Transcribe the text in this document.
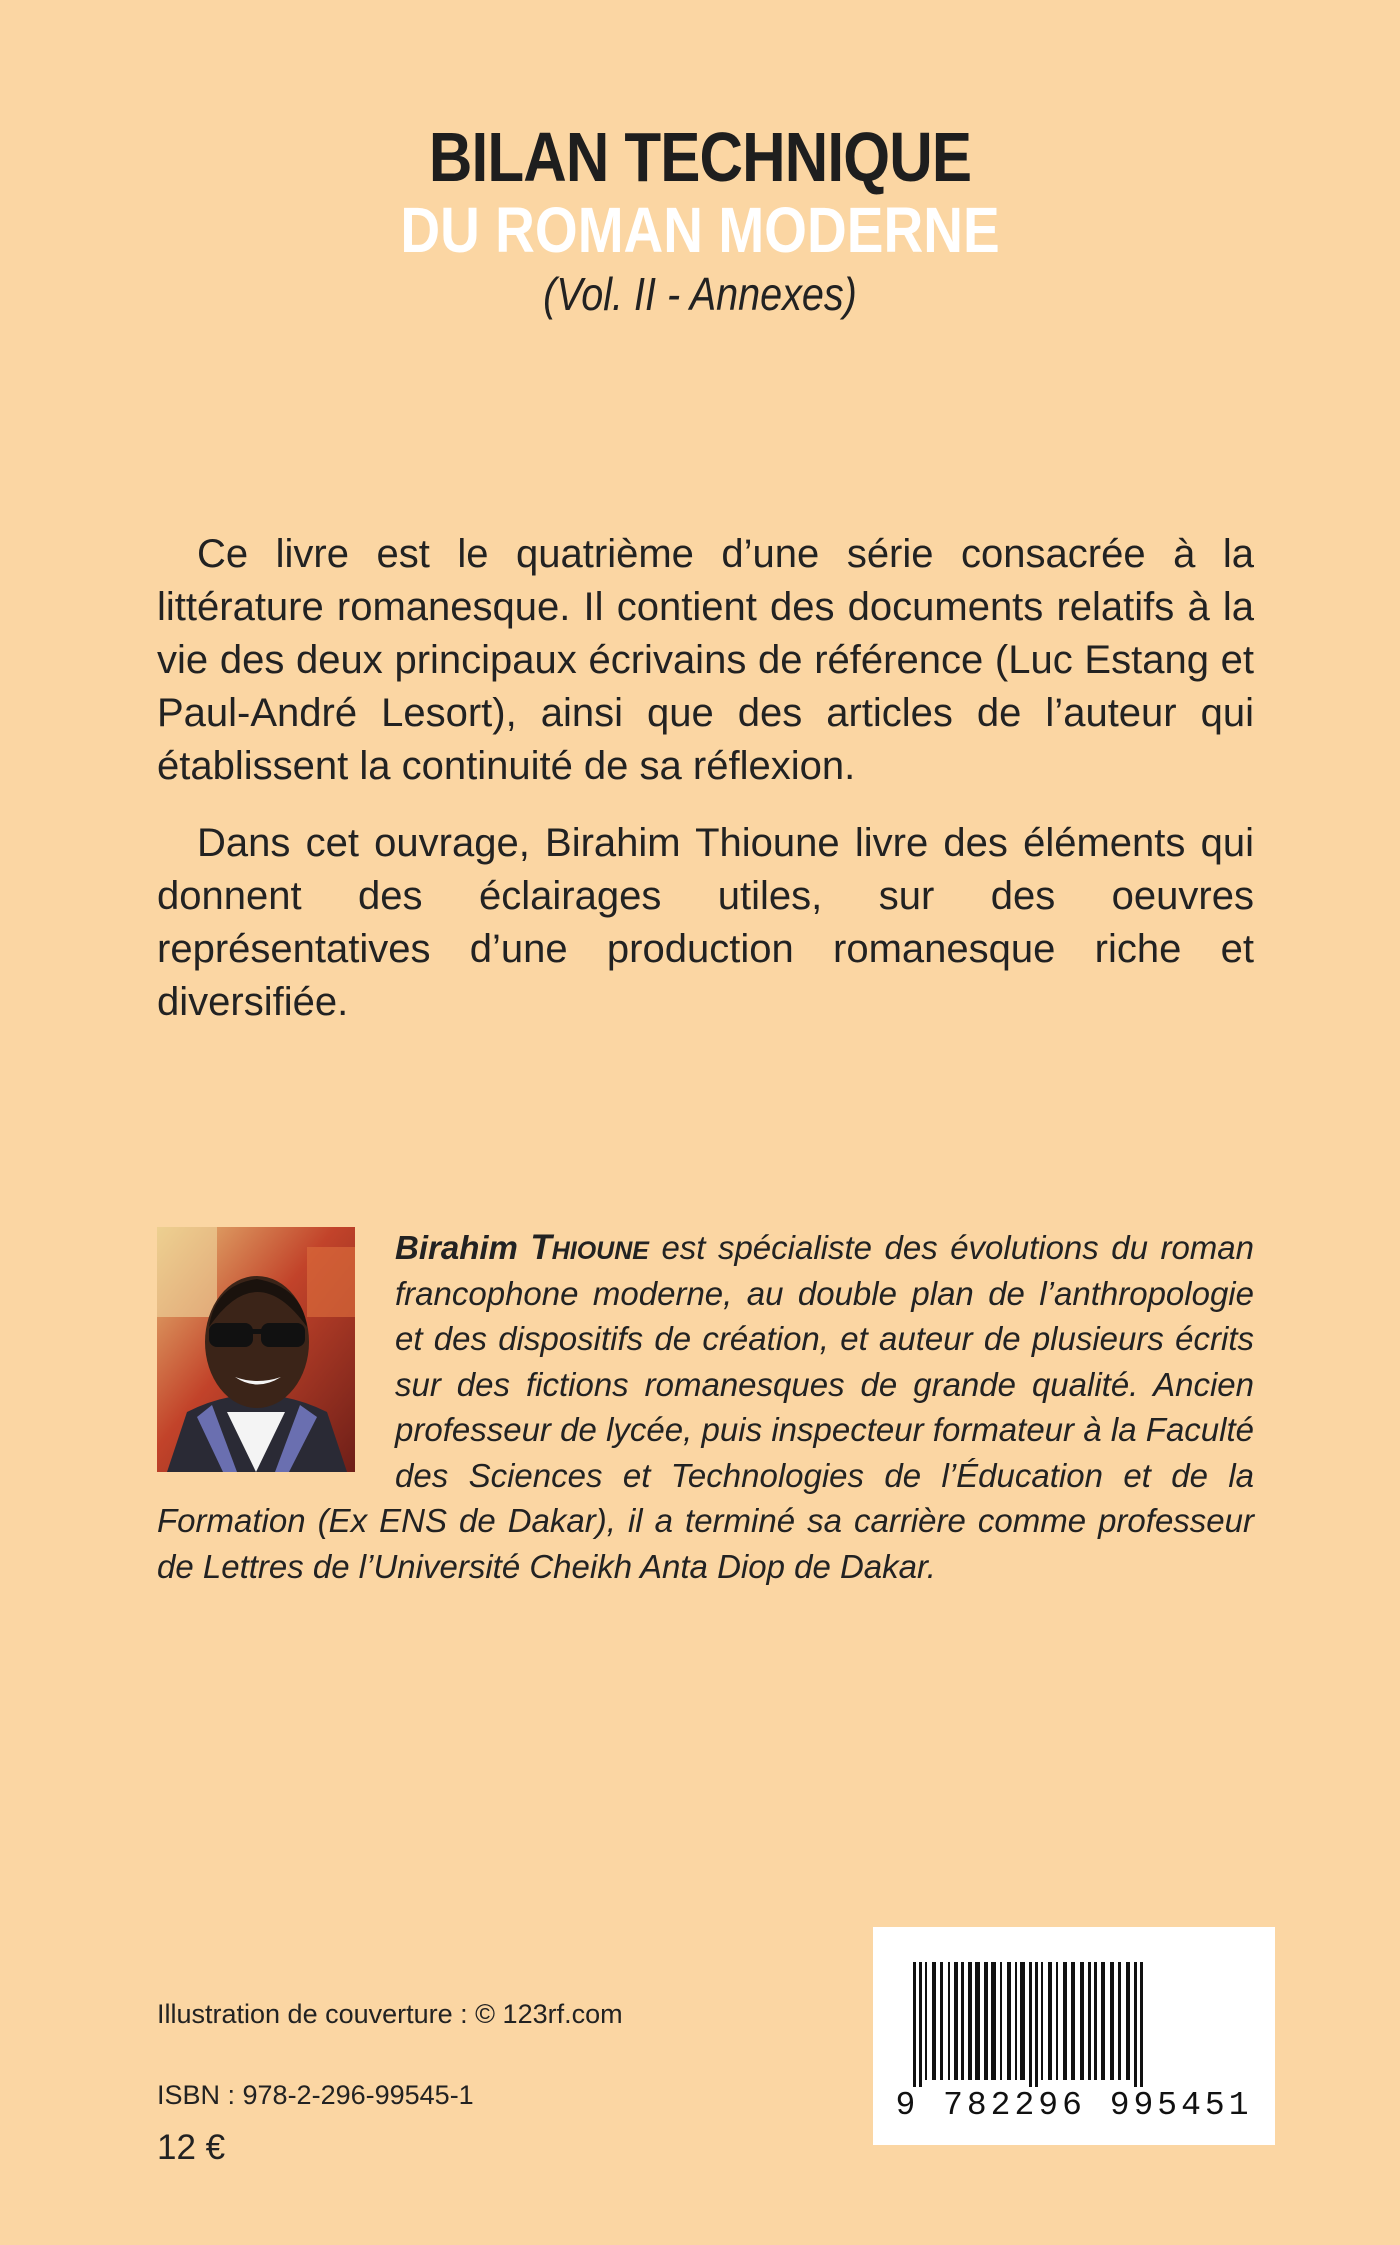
BILAN TECHNIQUE
DU ROMAN MODERNE
(Vol. II - Annexes)

Ce livre est le quatrième d’une série consacrée à la littérature romanesque. Il contient des documents relatifs à la vie des deux principaux écrivains de référence (Luc Estang et Paul-André Lesort), ainsi que des articles de l’auteur qui établissent la continuité de sa réflexion.

Dans cet ouvrage, Birahim Thioune livre des éléments qui donnent des éclairages utiles, sur des oeuvres représentatives d’une production romanesque riche et diversifiée.

Birahim Thioune est spécialiste des évolutions du roman francophone moderne, au double plan de l’anthropologie et des dispositifs de création, et auteur de plusieurs écrits sur des fictions romanesques de grande qualité. Ancien professeur de lycée, puis inspecteur formateur à la Faculté des Sciences et Technologies de l’Éducation et de la Formation (Ex ENS de Dakar), il a terminé sa carrière comme professeur de Lettres de l’Université Cheikh Anta Diop de Dakar.

Illustration de couverture : © 123rf.com
ISBN : 978-2-296-99545-1
12 €
9 782296 995451
